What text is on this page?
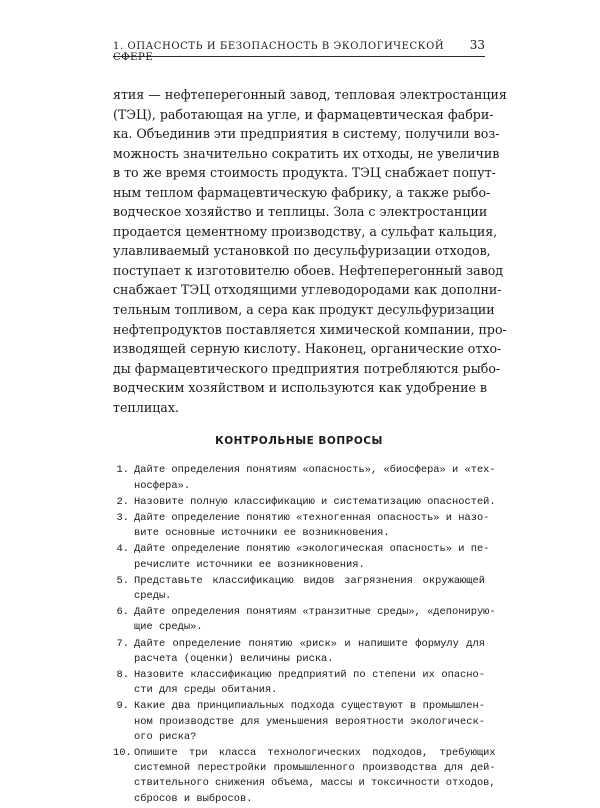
1. ОПАСНОСТЬ И БЕЗОПАСНОСТЬ В ЭКОЛОГИЧЕСКОЙ СФЕРЕ
33
ятия — нефтеперегонный завод, тепловая электростанция
(ТЭЦ), работающая на угле, и фармацевтическая фабри-
ка. Объединив эти предприятия в систему, получили воз-
можность значительно сократить их отходы, не увеличив
в то же время стоимость продукта. ТЭЦ снабжает попут-
ным теплом фармацевтическую фабрику, а также рыбо-
водческое хозяйство и теплицы. Зола с электростанции
продается цементному производству, а сульфат кальция,
улавливаемый установкой по десульфуризации отходов,
поступает к изготовителю обоев. Нефтеперегонный завод
снабжает ТЭЦ отходящими углеводородами как дополни-
тельным топливом, а сера как продукт десульфуризации
нефтепродуктов поставляется химической компании, про-
изводящей серную кислоту. Наконец, органические отхо-
ды фармацевтического предприятия потребляются рыбо-
водческим хозяйством и используются как удобрение в
теплицах.
КОНТРОЛЬНЫЕ ВОПРОСЫ
1. Дайте определения понятиям «опасность», «биосфера» и «тех-
носфера».
2. Назовите полную классификацию и систематизацию опасностей.
3. Дайте определение понятию «техногенная опасность» и назо-
вите основные источники ее возникновения.
4. Дайте определение понятию «экологическая опасность» и пе-
речислите источники ее возникновения.
5. Представьте классификацию видов загрязнения окружающей
среды.
6. Дайте определения понятиям «транзитные среды», «депонирую-
щие среды».
7. Дайте определение понятию «риск» и напишите формулу для
расчета (оценки) величины риска.
8. Назовите классификацию предприятий по степени их опасно-
сти для среды обитания.
9. Какие два принципиальных подхода существуют в промышлен-
ном производстве для уменьшения вероятности экологическ-
ого риска?
10. Опишите три класса технологических подходов, требующих
системной перестройки промышленного производства для дей-
ствительного снижения объема, массы и токсичности отходов,
сбросов и выбросов.
